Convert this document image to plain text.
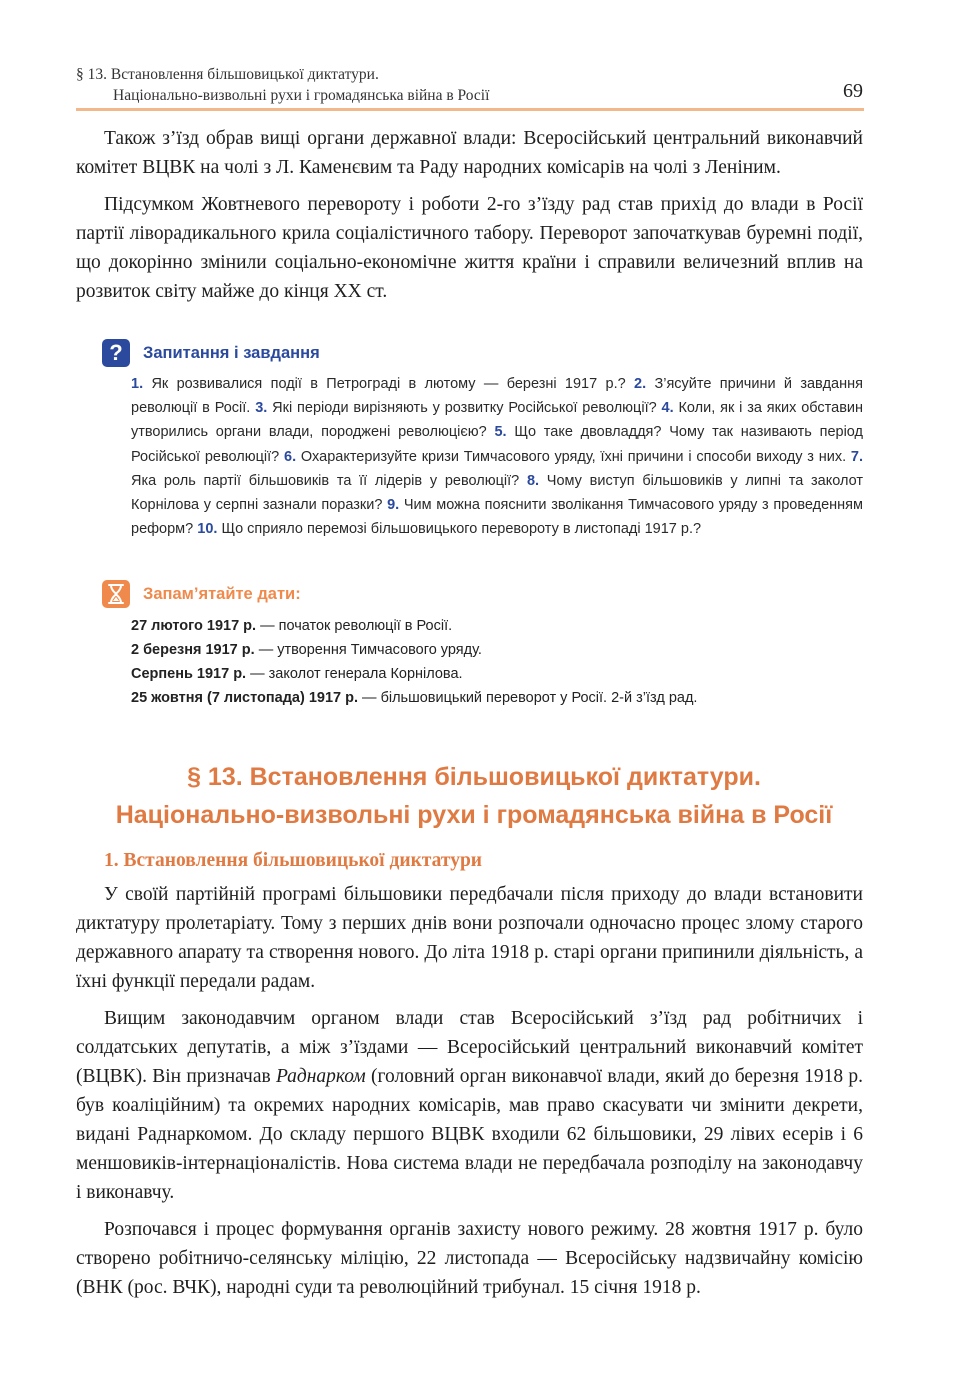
§ 13. Встановлення більшовицької диктатури.
Національно-визвольні рухи і громадянська війна в Росії	69

Також з’їзд обрав вищі органи державної влади: Всеросійський центральний виконавчий комітет ВЦВК на чолі з Л. Каменєвим та Раду народних комісарів на чолі з Леніним.

Підсумком Жовтневого перевороту і роботи 2-го з’їзду рад став прихід до влади в Росії партії ліворадикального крила соціалістичного табору. Переворот започаткував буремні події, що докорінно змінили соціально-економічне життя країни і справили величезний вплив на розвиток світу майже до кінця ХХ ст.

?	Запитання і завдання
1. Як розвивалися події в Петрограді в лютому — березні 1917 р.? 2. З’ясуйте причини й завдання революції в Росії. 3. Які періоди вирізняють у розвитку Російської революції? 4. Коли, як і за яких обставин утворились органи влади, породжені революцією? 5. Що таке двовладдя? Чому так називають період Російської революції? 6. Охарактеризуйте кризи Тимчасового уряду, їхні причини і способи виходу з них. 7. Яка роль партії більшовиків та її лідерів у революції? 8. Чому виступ більшовиків у липні та заколот Корнілова у серпні зазнали поразки? 9. Чим можна пояснити зволікання Тимчасового уряду з проведенням реформ? 10. Що сприяло перемозі більшовицького перевороту в листопаді 1917 р.?
Запам’ятайте дати:
27 лютого 1917 р. — початок революції в Росії.
2 березня 1917 р. — утворення Тимчасового уряду.
Серпень 1917 р. — заколот генерала Корнілова.
25 жовтня (7 листопада) 1917 р. — більшовицький переворот у Росії. 2-й з’їзд рад.
§ 13. Встановлення більшовицької диктатури.
Національно-визвольні рухи і громадянська війна в Росії
1. Встановлення більшовицької диктатури

У своїй партійній програмі більшовики передбачали після приходу до влади встановити диктатуру пролетаріату. Тому з перших днів вони розпочали одночасно процес злому старого державного апарату та створення нового. До літа 1918 р. старі органи припинили діяльність, а їхні функції передали радам.

Вищим законодавчим органом влади став Всеросійський з’їзд рад робітничих і солдатських депутатів, а між з’їздами — Всеросійський центральний виконавчий комітет (ВЦВК). Він призначав Раднарком (головний орган виконавчої влади, який до березня 1918 р. був коаліційним) та окремих народних комісарів, мав право скасувати чи змінити декрети, видані Раднаркомом. До складу першого ВЦВК входили 62 більшовики, 29 лівих есерів і 6 меншовиків-інтернаціоналістів. Нова система влади не передбачала розподілу на законодавчу і виконавчу.

Розпочався і процес формування органів захисту нового режиму. 28 жовтня 1917 р. було створено робітничо-селянську міліцію, 22 листопада — Всеросійську надзвичайну комісію (ВНК (рос. ВЧК), народні суди та революційний трибунал. 15 січня 1918 р.
